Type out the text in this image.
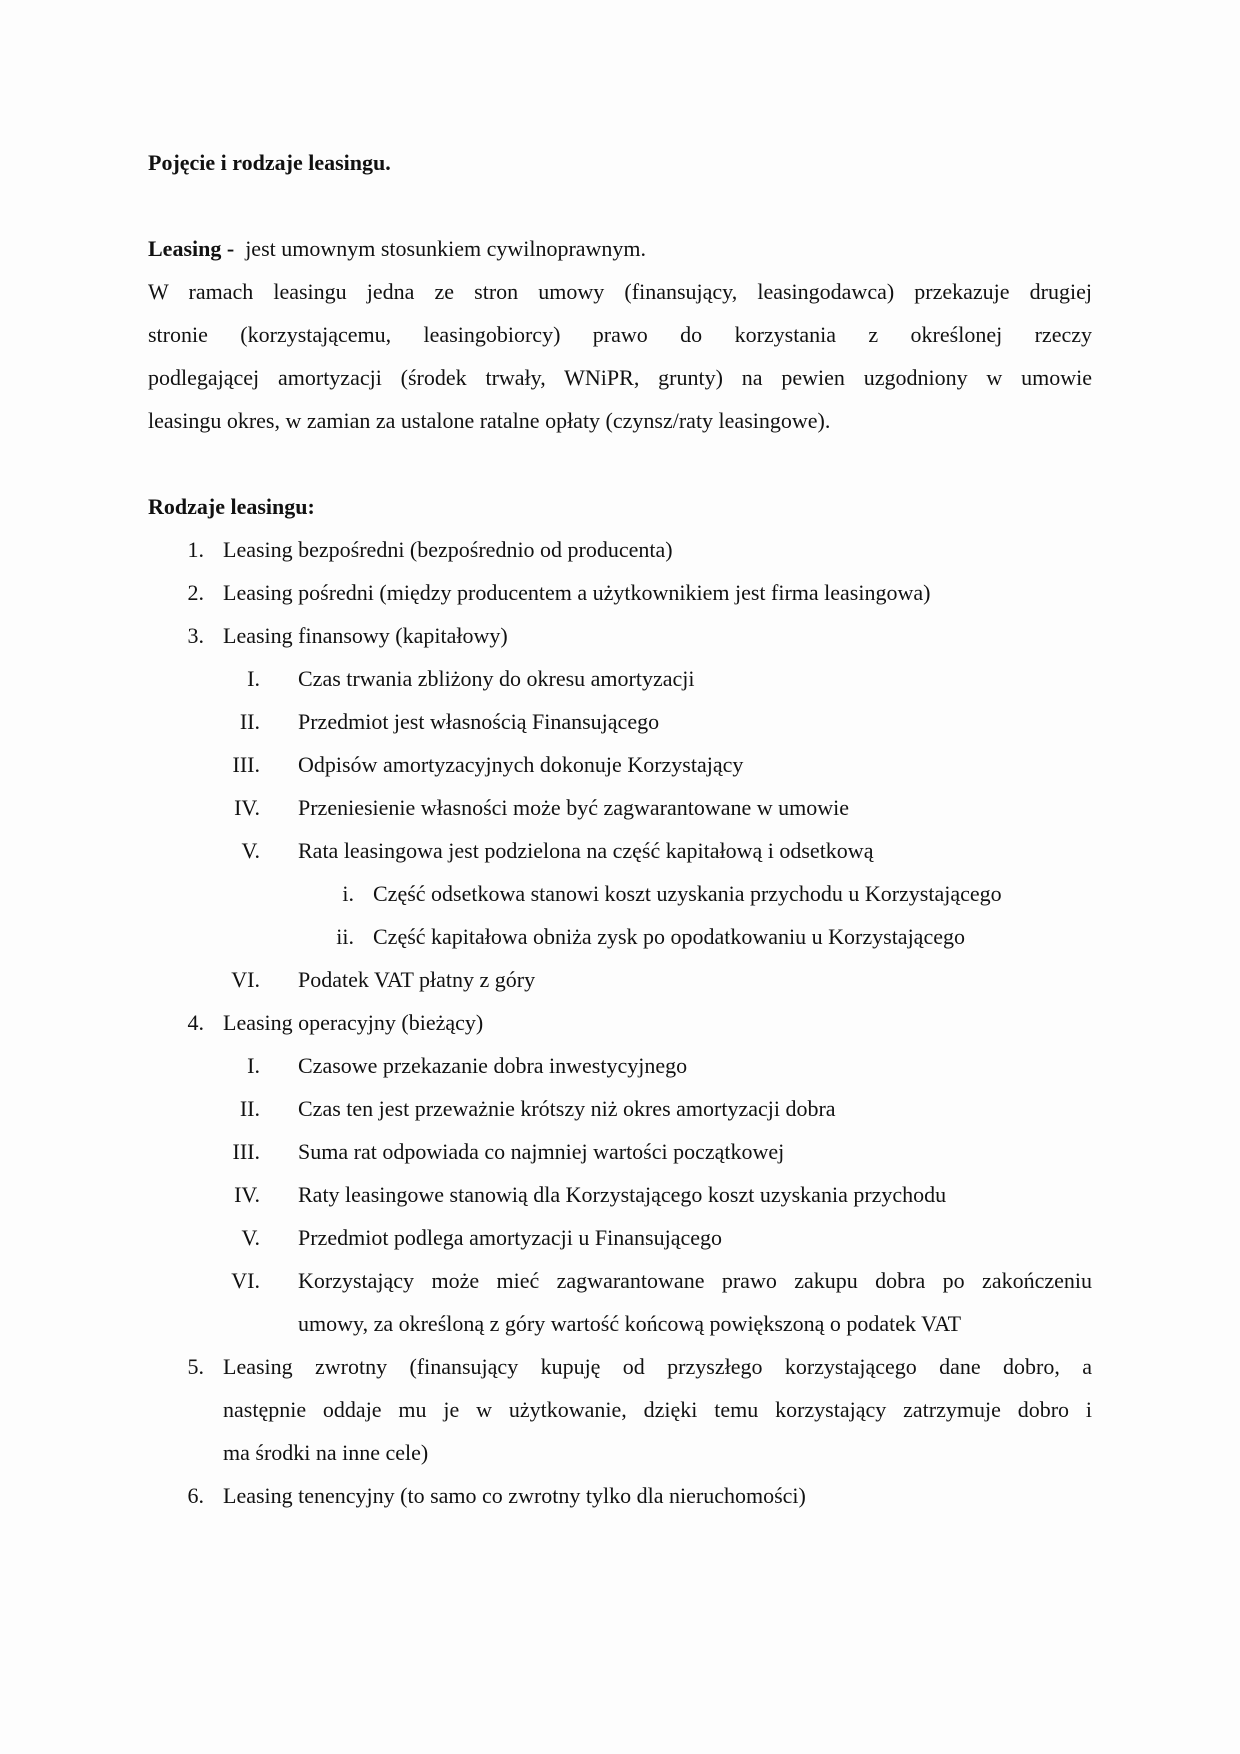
Pojęcie i rodzaje leasingu.
Leasing -  jest umownym stosunkiem cywilnoprawnym.
W ramach leasingu jedna ze stron umowy (finansujący, leasingodawca) przekazuje drugiej
stronie (korzystającemu, leasingobiorcy) prawo do korzystania z określonej rzeczy
podlegającej amortyzacji (środek trwały, WNiPR, grunty) na pewien uzgodniony w umowie
leasingu okres, w zamian za ustalone ratalne opłaty (czynsz/raty leasingowe).
Rodzaje leasingu:
1. Leasing bezpośredni (bezpośrednio od producenta)
2. Leasing pośredni (między producentem a użytkownikiem jest firma leasingowa)
3. Leasing finansowy (kapitałowy)
I. Czas trwania zbliżony do okresu amortyzacji
II. Przedmiot jest własnością Finansującego
III. Odpisów amortyzacyjnych dokonuje Korzystający
IV. Przeniesienie własności może być zagwarantowane w umowie
V. Rata leasingowa jest podzielona na część kapitałową i odsetkową
i. Część odsetkowa stanowi koszt uzyskania przychodu u Korzystającego
ii. Część kapitałowa obniża zysk po opodatkowaniu u Korzystającego
VI. Podatek VAT płatny z góry
4. Leasing operacyjny (bieżący)
I. Czasowe przekazanie dobra inwestycyjnego
II. Czas ten jest przeważnie krótszy niż okres amortyzacji dobra
III. Suma rat odpowiada co najmniej wartości początkowej
IV. Raty leasingowe stanowią dla Korzystającego koszt uzyskania przychodu
V. Przedmiot podlega amortyzacji u Finansującego
VI. Korzystający może mieć zagwarantowane prawo zakupu dobra po zakończeniu
umowy, za określoną z góry wartość końcową powiększoną o podatek VAT
5. Leasing zwrotny (finansujący kupuję od przyszłego korzystającego dane dobro, a
następnie oddaje mu je w użytkowanie, dzięki temu korzystający zatrzymuje dobro i
ma środki na inne cele)
6. Leasing tenencyjny (to samo co zwrotny tylko dla nieruchomości)
